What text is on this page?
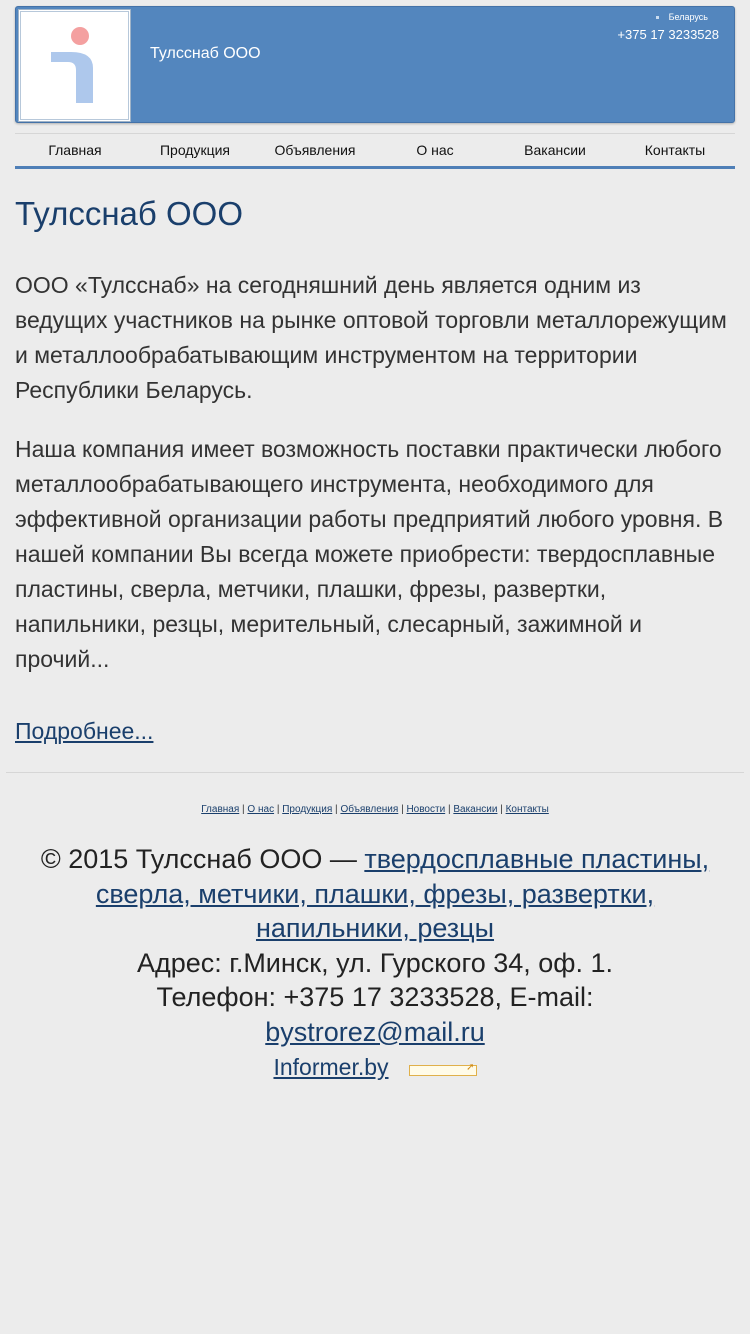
Тулсснаб ООО
Беларусь
+375 17 3233528
Главная	Продукция	Объявления	О нас	Вакансии	Контакты
Тулсснаб ООО

ООО «Тулсснаб» на сегодняшний день является одним из ведущих участников на рынке оптовой торговли металлорежущим и металлообрабатывающим инструментом на территории Республики Беларусь.

Наша компания имеет возможность поставки практически любого металлообрабатывающего инструмента, необходимого для эффективной организации работы предприятий любого уровня. В нашей компании Вы всегда можете приобрести: твердосплавные пластины, сверла, метчики, плашки, фрезы, развертки, напильники, резцы, мерительный, слесарный, зажимной и прочий...

Подробнее...
Главная | О нас | Продукция | Объявления | Новости | Вакансии | Контакты
© 2015 Тулсснаб ООО — твердосплавные пластины, сверла, метчики, плашки, фрезы, развертки, напильники, резцы
Адрес: г.Минск, ул. Гурского 34, оф. 1.
Телефон: +375 17 3233528, E-mail:
bystrorez@mail.ru
Informer.by	➚
